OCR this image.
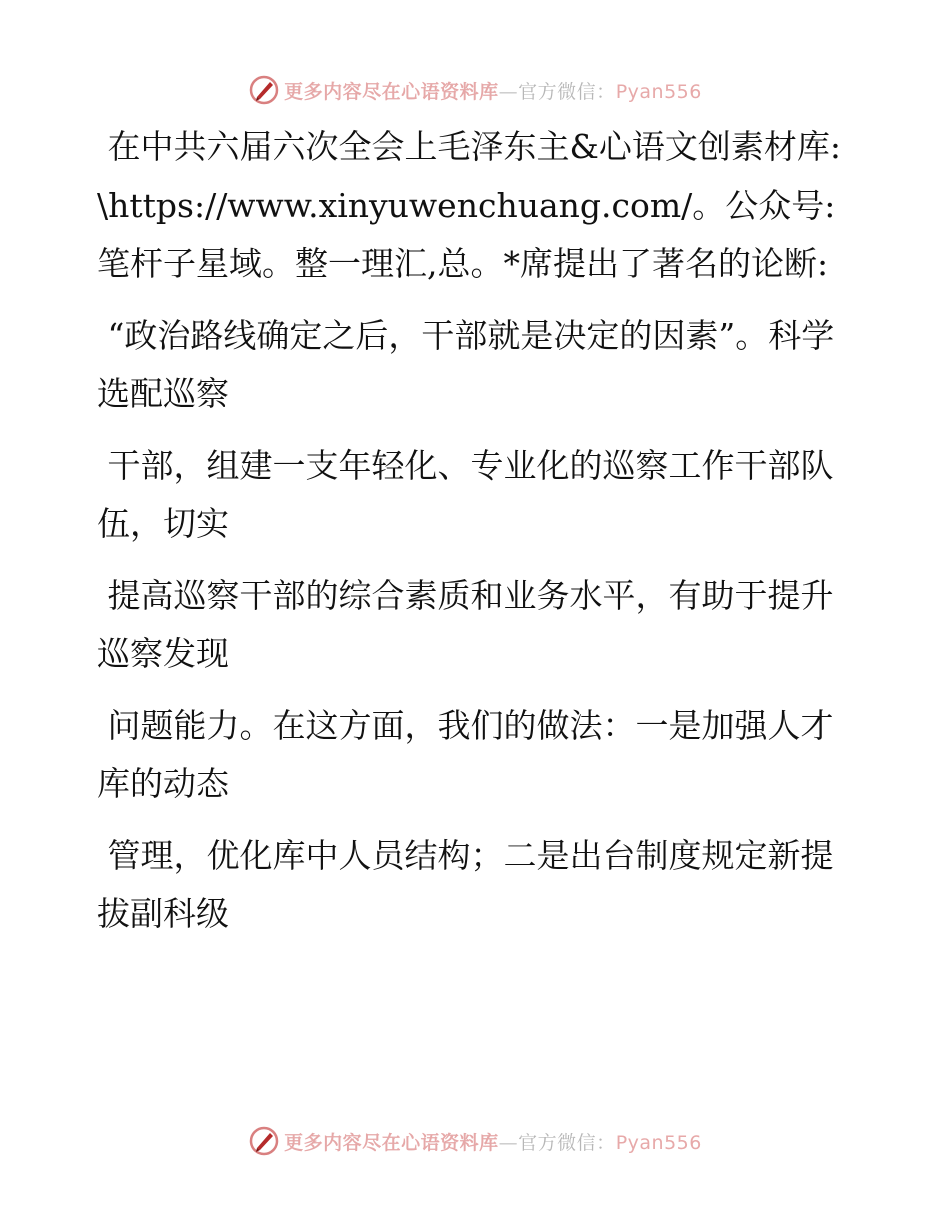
更多内容尽在心语资料库—官方微信：Pyan556

在中共六届六次全会上毛泽东主&心语文创素材库: \https://www.xinyuwenchuang.com/。公众号: 笔杆子星域。整一理汇,总。*席提出了著名的论断:

“政治路线确定之后，干部就是决定的因素”。科学选配巡察

干部，组建一支年轻化、专业化的巡察工作干部队伍，切实

提高巡察干部的综合素质和业务水平，有助于提升巡察发现

问题能力。在这方面，我们的做法：一是加强人才库的动态

管理，优化库中人员结构；二是出台制度规定新提拔副科级

更多内容尽在心语资料库—官方微信：Pyan556
